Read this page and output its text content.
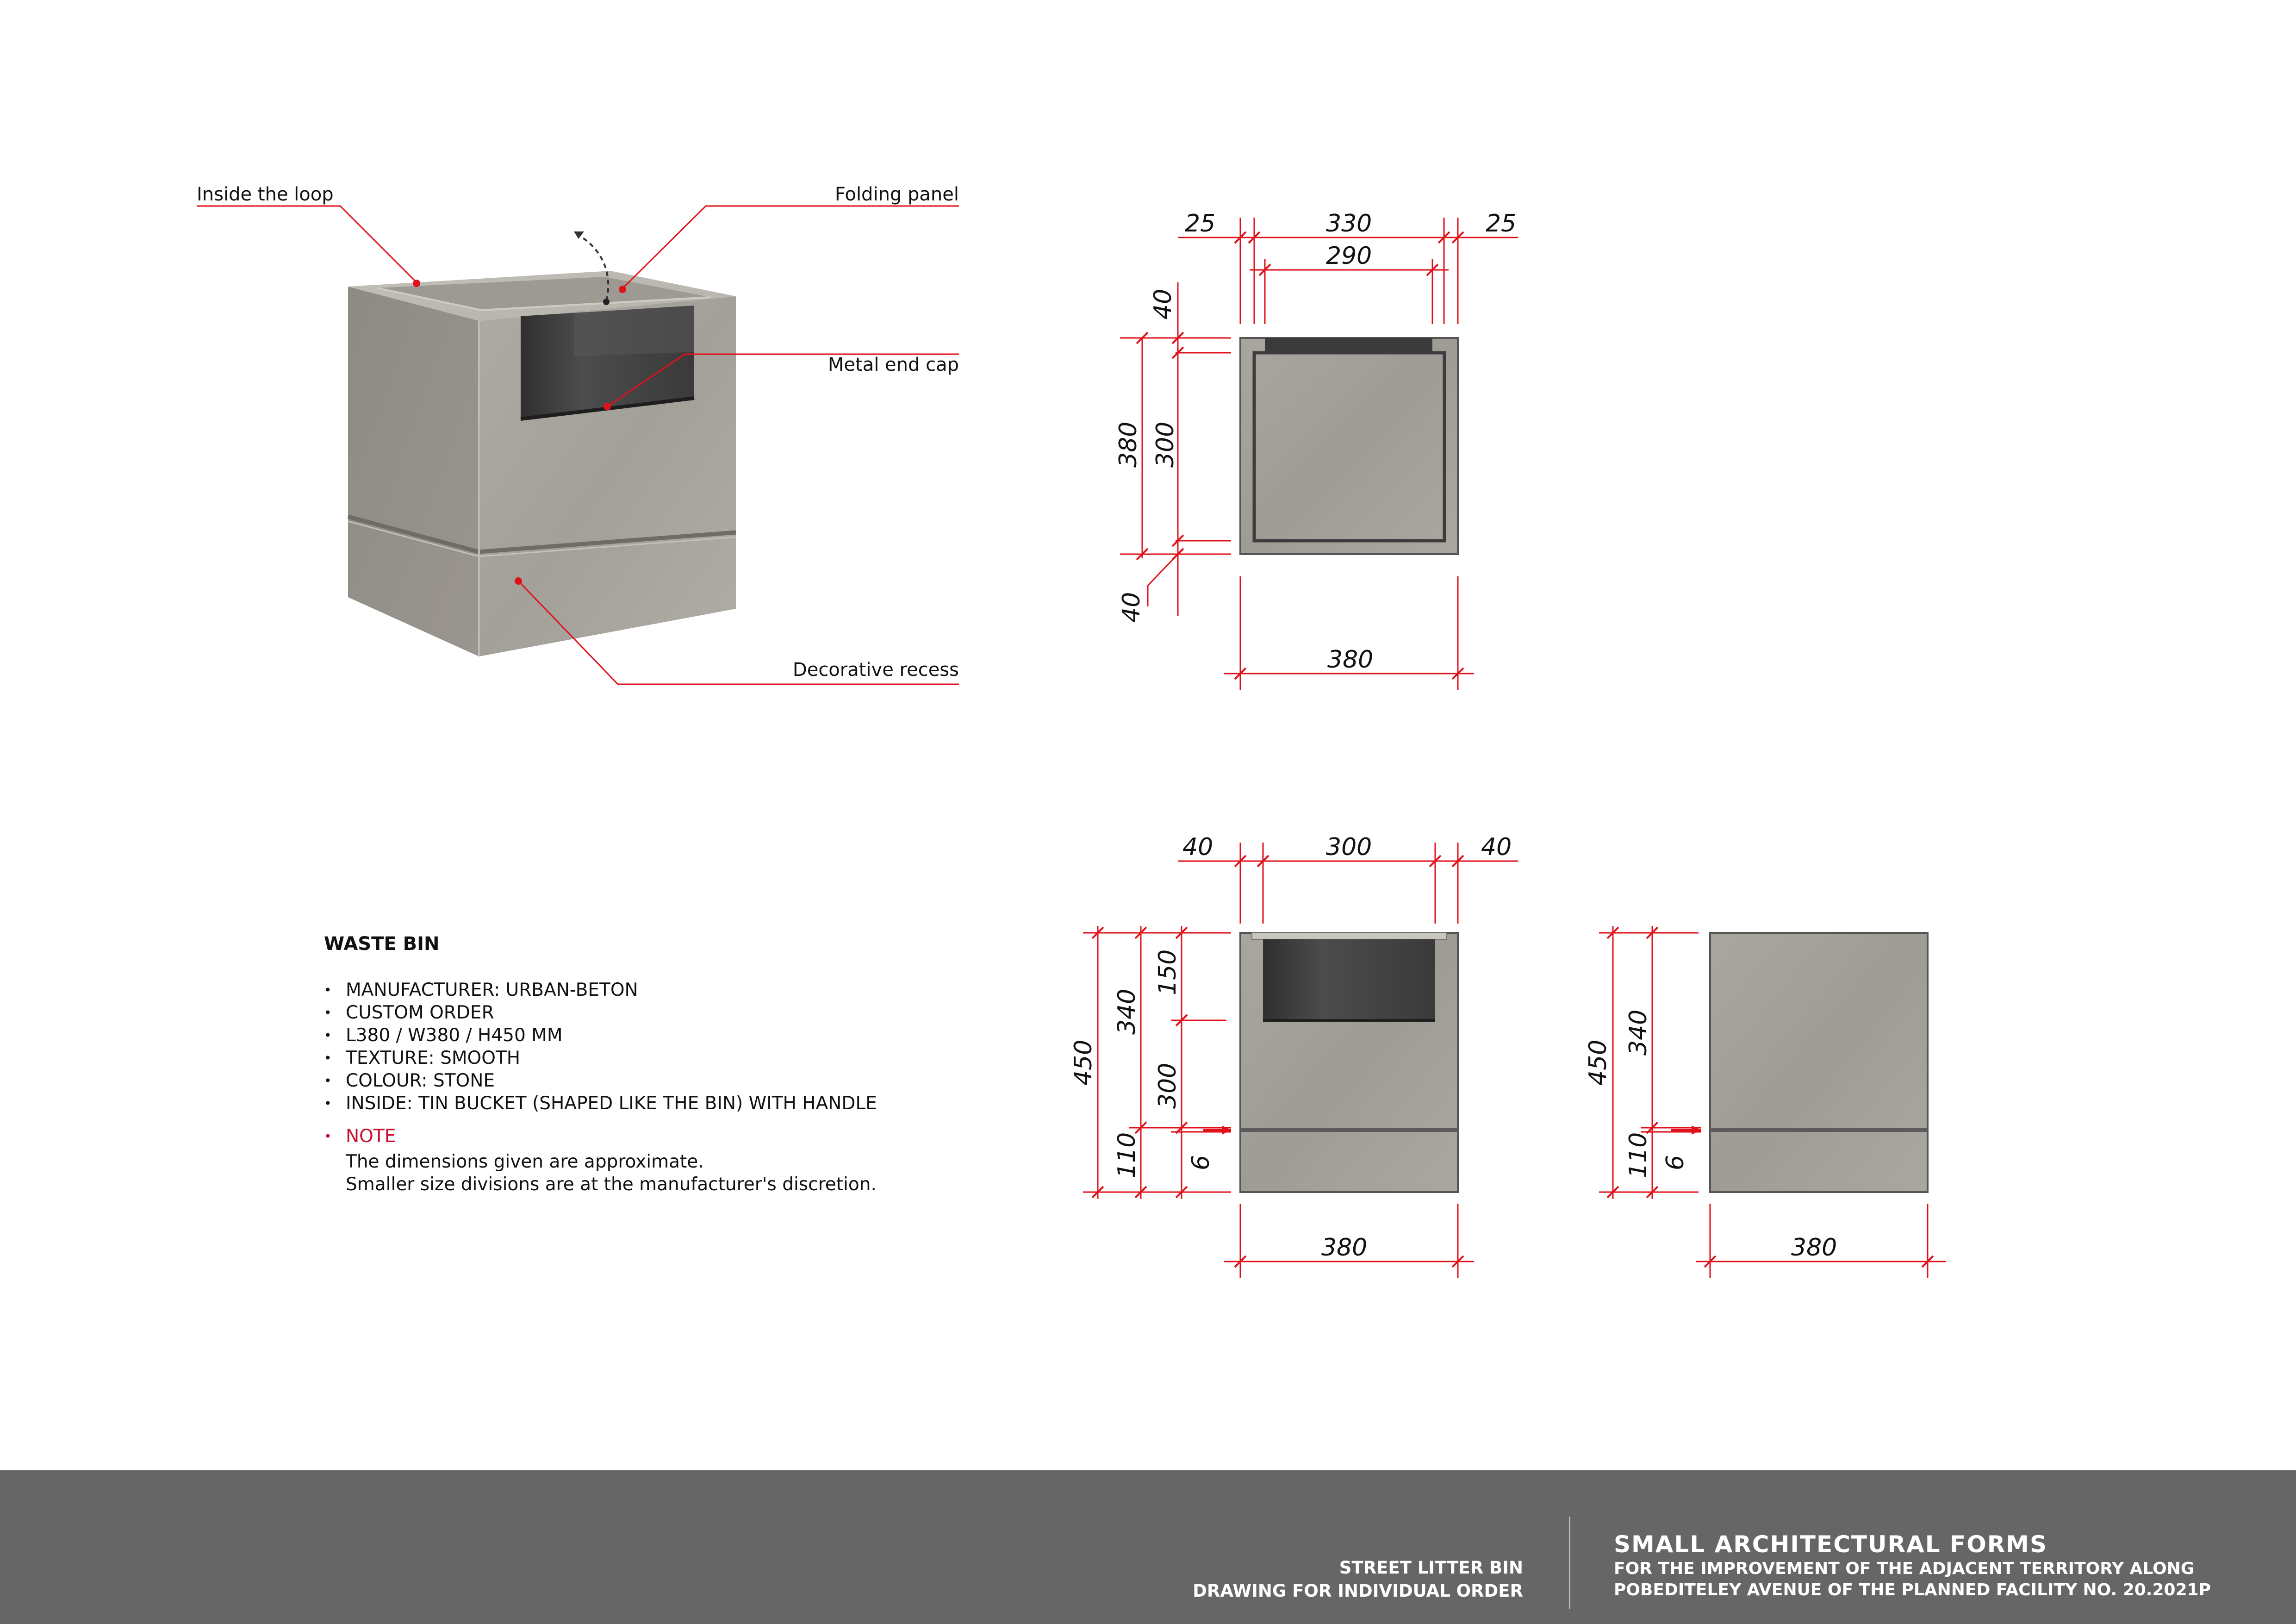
Inside the loop	Folding panel
Metal end cap
Decorative recess
25	330	25
290
40
380 300
40
380
40	300	40
450
340
150
300
110 6
380
450
340
110 6
380
WASTE BIN
• MANUFACTURER: URBAN-BETON
• CUSTOM ORDER
• L380 / W380 / H450 MM
• TEXTURE: SMOOTH
• COLOUR: STONE
• INSIDE: TIN BUCKET (SHAPED LIKE THE BIN) WITH HANDLE
• NOTE
The dimensions given are approximate.
Smaller size divisions are at the manufacturer's discretion.
STREET LITTER BIN
DRAWING FOR INDIVIDUAL ORDER
SMALL ARCHITECTURAL FORMS
FOR THE IMPROVEMENT OF THE ADJACENT TERRITORY ALONG
POBEDITELEY AVENUE OF THE PLANNED FACILITY NO. 20.2021P
